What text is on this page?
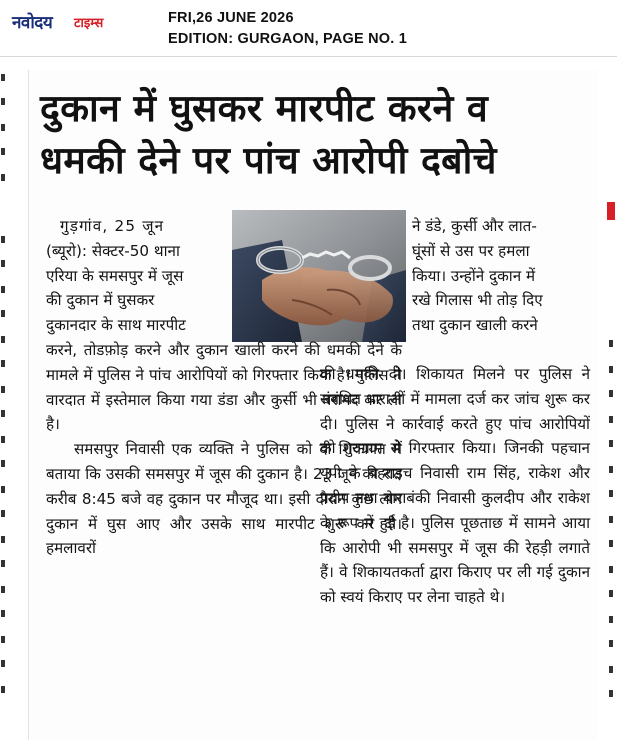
नवोदय टाइम्स	FRI,26 JUNE 2026
EDITION: GURGAON, PAGE NO. 1
दुकान में घुसकर मारपीट करने व
धमकी देने पर पांच आरोपी दबोचे
गुड़गांव, 25 जून
(ब्यूरो): सेक्टर-50 थाना
एरिया के समसपुर में जूस
की दुकान में घुसकर
दुकानदार के साथ मारपीट

करने, तोडफ़ोड़ करने और दुकान खाली करने की धमकी देने के मामले में पुलिस ने पांच आरोपियों को गिरफ्तार किया है। पुलिस ने वारदात में इस्तेमाल किया गया डंडा और कुर्सी भी बरामद कर ली है।

समसपुर निवासी एक व्यक्ति ने पुलिस को दी शिकायत में बताया कि उसकी समसपुर में जूस की दुकान है। 23 जून की रात करीब 8:45 बजे वह दुकान पर मौजूद था। इसी दौरान कुछ लोग दुकान में घुस आए और उसके साथ मारपीट शुरू कर दी। हमलावरों

ने डंडे, कुर्सी और लात-
घूंसों से उस पर हमला
किया। उन्होंने दुकान में
रखे गिलास भी तोड़ दिए
तथा दुकान खाली करने

की धमकी दी। शिकायत मिलने पर पुलिस ने संबंधित धाराओं में मामला दर्ज कर जांच शुरू कर दी। पुलिस ने कार्रवाई करते हुए पांच आरोपियों को गुरुग्राम से गिरफ्तार किया। जिनकी पहचान यूपी के बहराइच निवासी राम सिंह, राकेश और प्रदीप तथा बाराबंकी निवासी कुलदीप और राकेश के रूप में हुई है। पुलिस पूछताछ में सामने आया कि आरोपी भी समसपुर में जूस की रेहड़ी लगाते हैं। वे शिकायतकर्ता द्वारा किराए पर ली गई दुकान को स्वयं किराए पर लेना चाहते थे।
